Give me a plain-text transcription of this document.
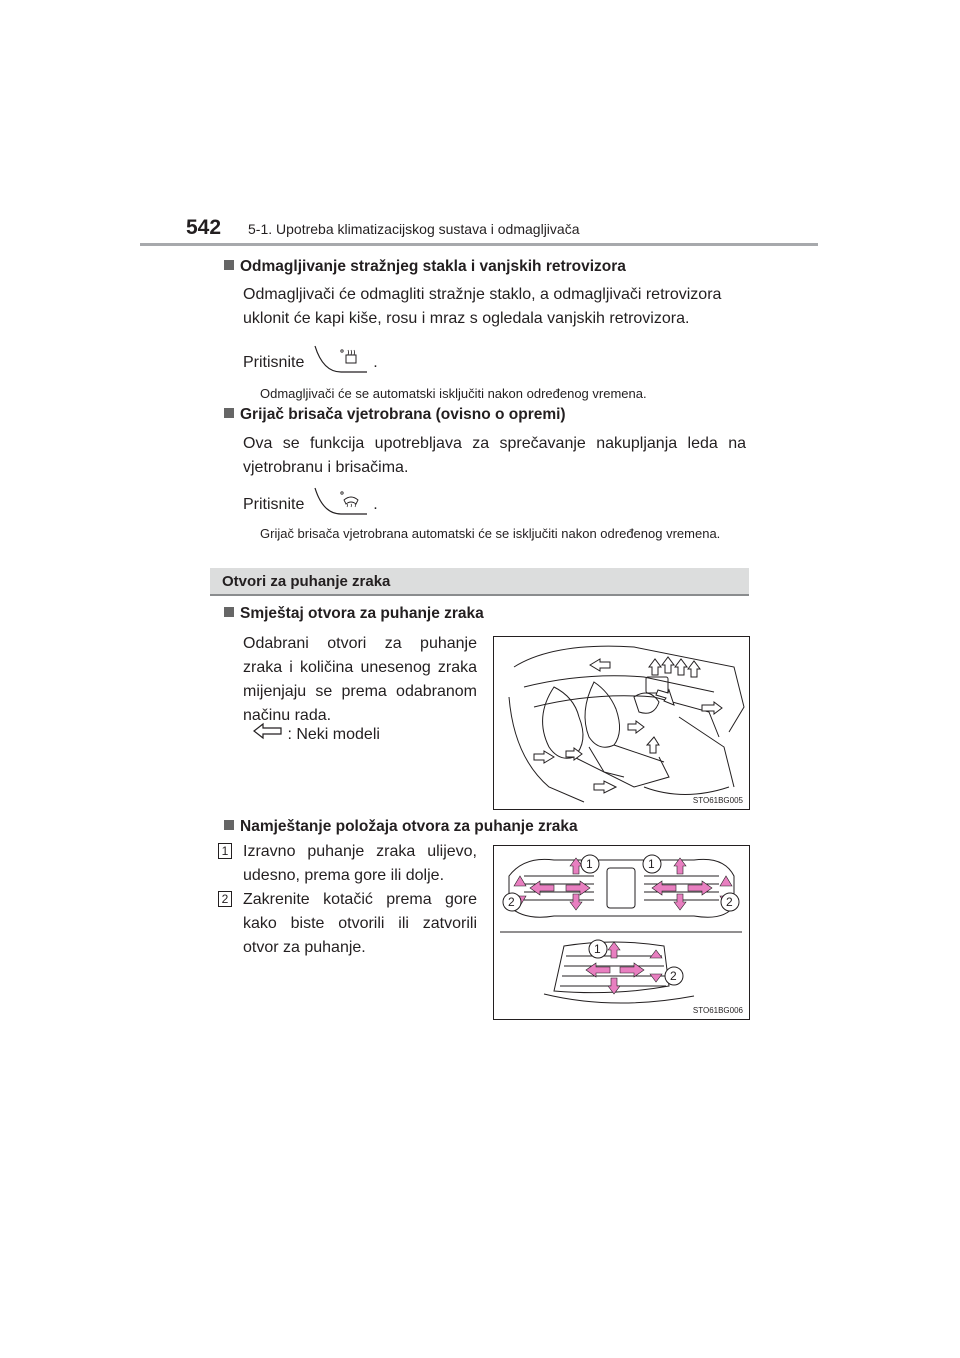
542 5-1. Upotreba klimatizacijskog sustava i odmagljivača
Odmagljivanje stražnjeg stakla i vanjskih retrovizora
Odmagljivači će odmagliti stražnje staklo, a odmagljivači retrovizora uklonit će kapi kiše, rosu i mraz s ogledala vanjskih retrovizora.
Pritisnite	.
Odmagljivači će se automatski isključiti nakon određenog vremena.
Grijač brisača vjetrobrana (ovisno o opremi)
Ova se funkcija upotrebljava za sprečavanje nakupljanja leda na vjetrobranu i brisačima.
Pritisnite	.
Grijač brisača vjetrobrana automatski će se isključiti nakon određenog vremena.
Otvori za puhanje zraka
Smještaj otvora za puhanje zraka
Odabrani otvori za puhanje zraka i količina unesenog zraka mijenjaju se prema odabranom načinu rada.
: Neki modeli
STO61BG005
Namještanje položaja otvora za puhanje zraka
1 Izravno puhanje zraka ulijevo, udesno, prema gore ili dolje.
2 Zakrenite kotačić prema gore kako biste otvorili ili zatvorili otvor za puhanje.
1	1
2	2
1
2
STO61BG006
